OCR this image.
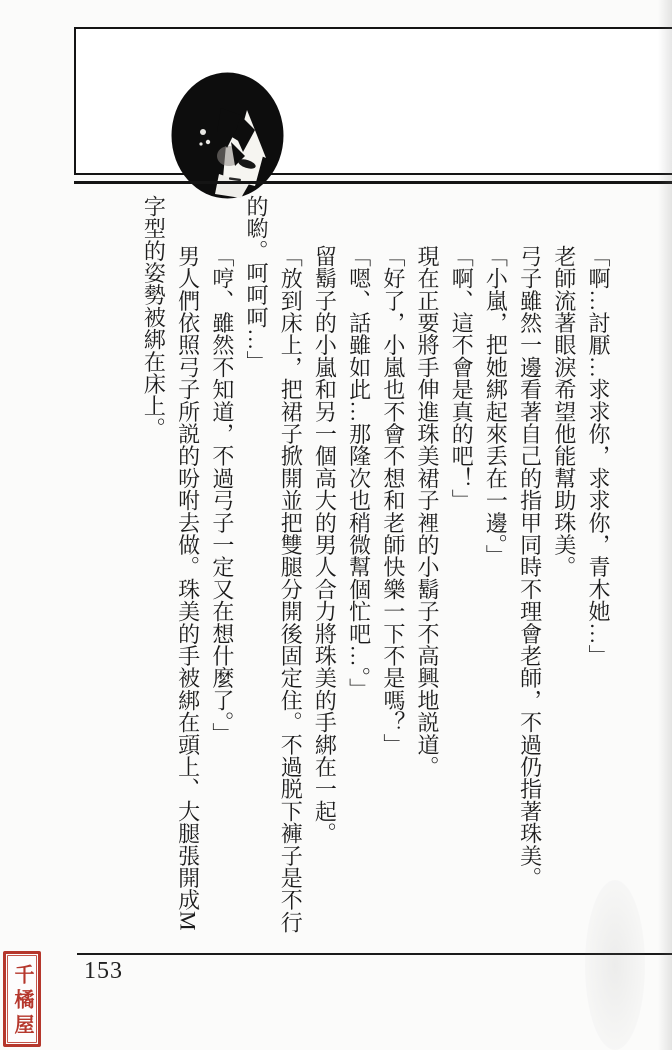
「啊…討厭…求求你，求求你，青木她…」
老師流著眼淚希望他能幫助珠美。
弓子雖然一邊看著自己的指甲同時不理會老師，不過仍指著珠美。
「小嵐，把她綁起來丢在一邊。」
「啊、這不會是真的吧！」
現在正要將手伸進珠美裙子裡的小鬍子不高興地説道。
「好了，小嵐也不會不想和老師快樂一下不是嗎？」
「嗯、話雖如此…那隆次也稍微幫個忙吧…。」
留鬍子的小嵐和另一個高大的男人合力將珠美的手綁在一起。
「放到床上，把裙子掀開並把雙腿分開後固定住。不過脱下褲子是不行
的喲。呵呵呵…」
「哼、雖然不知道，不過弓子一定又在想什麼了。」
男人們依照弓子所説的吩咐去做。珠美的手被綁在頭上、大腿張開成M
字型的姿勢被綁在床上。
153
千橘屋
